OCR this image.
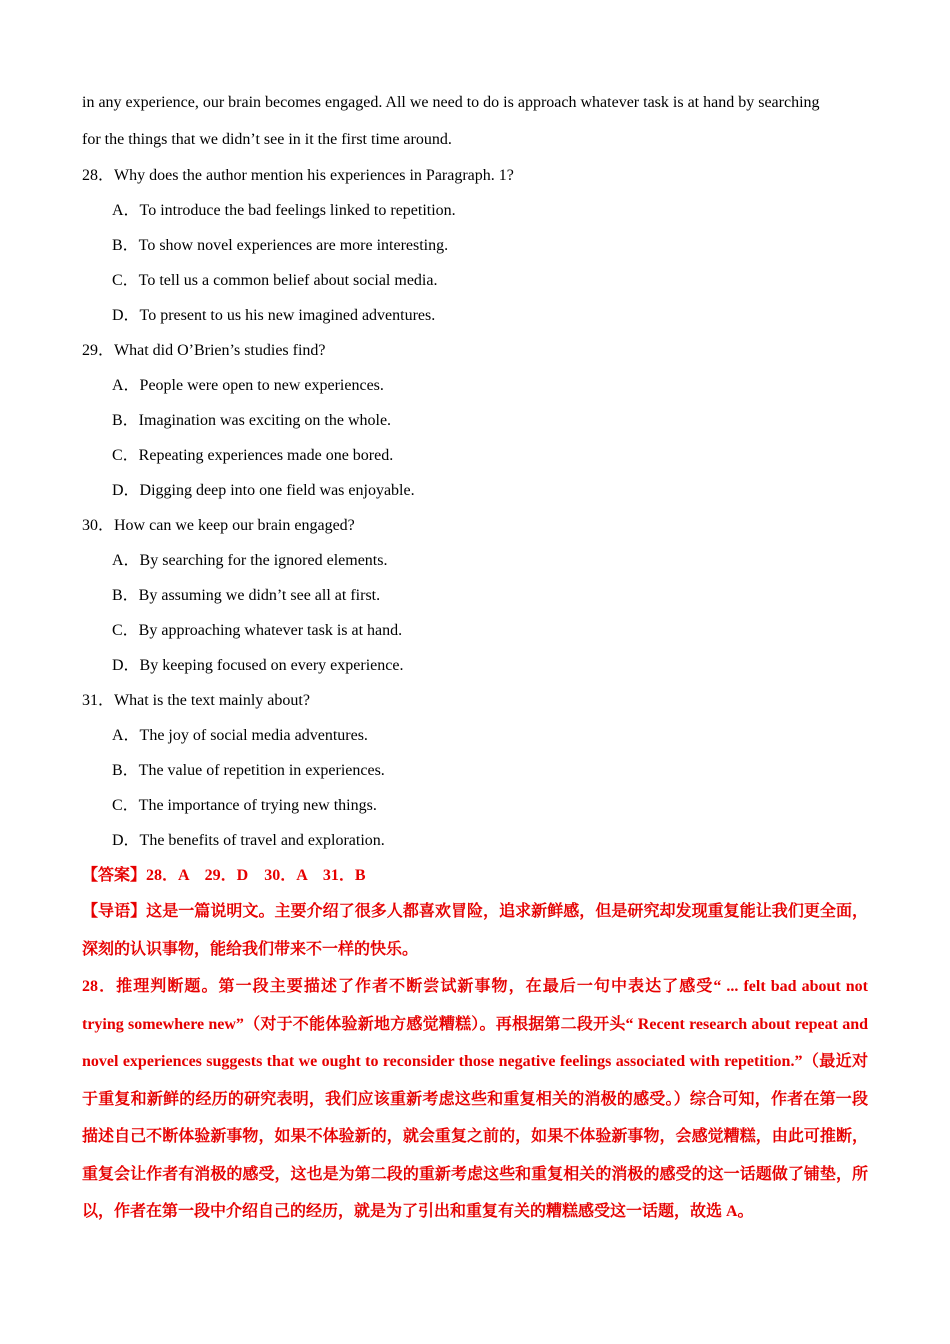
in any experience, our brain becomes engaged. All we need to do is approach whatever task is at hand by searching

for the things that we didn’t see in it the first time around.

28．Why does the author mention his experiences in Paragraph. 1?

A．To introduce the bad feelings linked to repetition.

B．To show novel experiences are more interesting.

C．To tell us a common belief about social media.

D．To present to us his new imagined adventures.

29．What did O’Brien’s studies find?

A．People were open to new experiences.

B．Imagination was exciting on the whole.

C．Repeating experiences made one bored.

D．Digging deep into one field was enjoyable.

30．How can we keep our brain engaged?

A．By searching for the ignored elements.

B．By assuming we didn’t see all at first.

C．By approaching whatever task is at hand.

D．By keeping focused on every experience.

31．What is the text mainly about?

A．The joy of social media adventures.

B．The value of repetition in experiences.

C．The importance of trying new things.

D．The benefits of travel and exploration.

【答案】28．A　29．D　30．A　31．B

【导语】这是一篇说明文。主要介绍了很多人都喜欢冒险，追求新鲜感，但是研究却发现重复能让我们更全面，深刻的认识事物，能给我们带来不一样的快乐。

28．推理判断题。第一段主要描述了作者不断尝试新事物，在最后一句中表达了感受“ ... felt bad about not trying somewhere new”（对于不能体验新地方感觉糟糕）。再根据第二段开头“ Recent research about repeat and novel experiences suggests that we ought to reconsider those negative feelings associated with repetition.”（最近对于重复和新鲜的经历的研究表明，我们应该重新考虑这些和重复相关的消极的感受。）综合可知，作者在第一段描述自己不断体验新事物，如果不体验新的，就会重复之前的，如果不体验新事物，会感觉糟糕，由此可推断，重复会让作者有消极的感受，这也是为第二段的重新考虑这些和重复相关的消极的感受的这一话题做了铺垫，所以，作者在第一段中介绍自己的经历，就是为了引出和重复有关的糟糕感受这一话题，故选 A。
